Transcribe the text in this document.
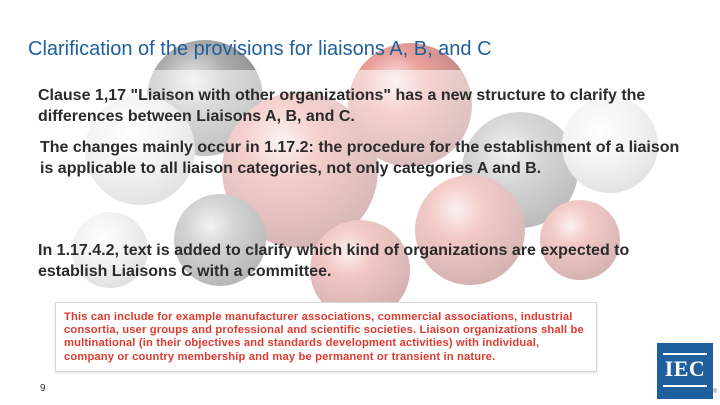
Clarification of the provisions for liaisons A, B, and C
Clause 1,17 "Liaison with other organizations" has a new structure to clarify the differences between Liaisons A, B, and C.
The changes mainly occur in 1.17.2: the procedure for the establishment of a liaison is applicable to all liaison categories, not only categories A and B.
In 1.17.4.2, text is added to clarify which kind of organizations are expected to establish Liaisons C with a committee.
This can include for example manufacturer associations, commercial associations, industrial consortia, user groups and professional and scientific societies. Liaison organizations shall be multinational (in their objectives and standards development activities) with individual, company or country membership and may be permanent or transient in nature.
9
IEC
®
